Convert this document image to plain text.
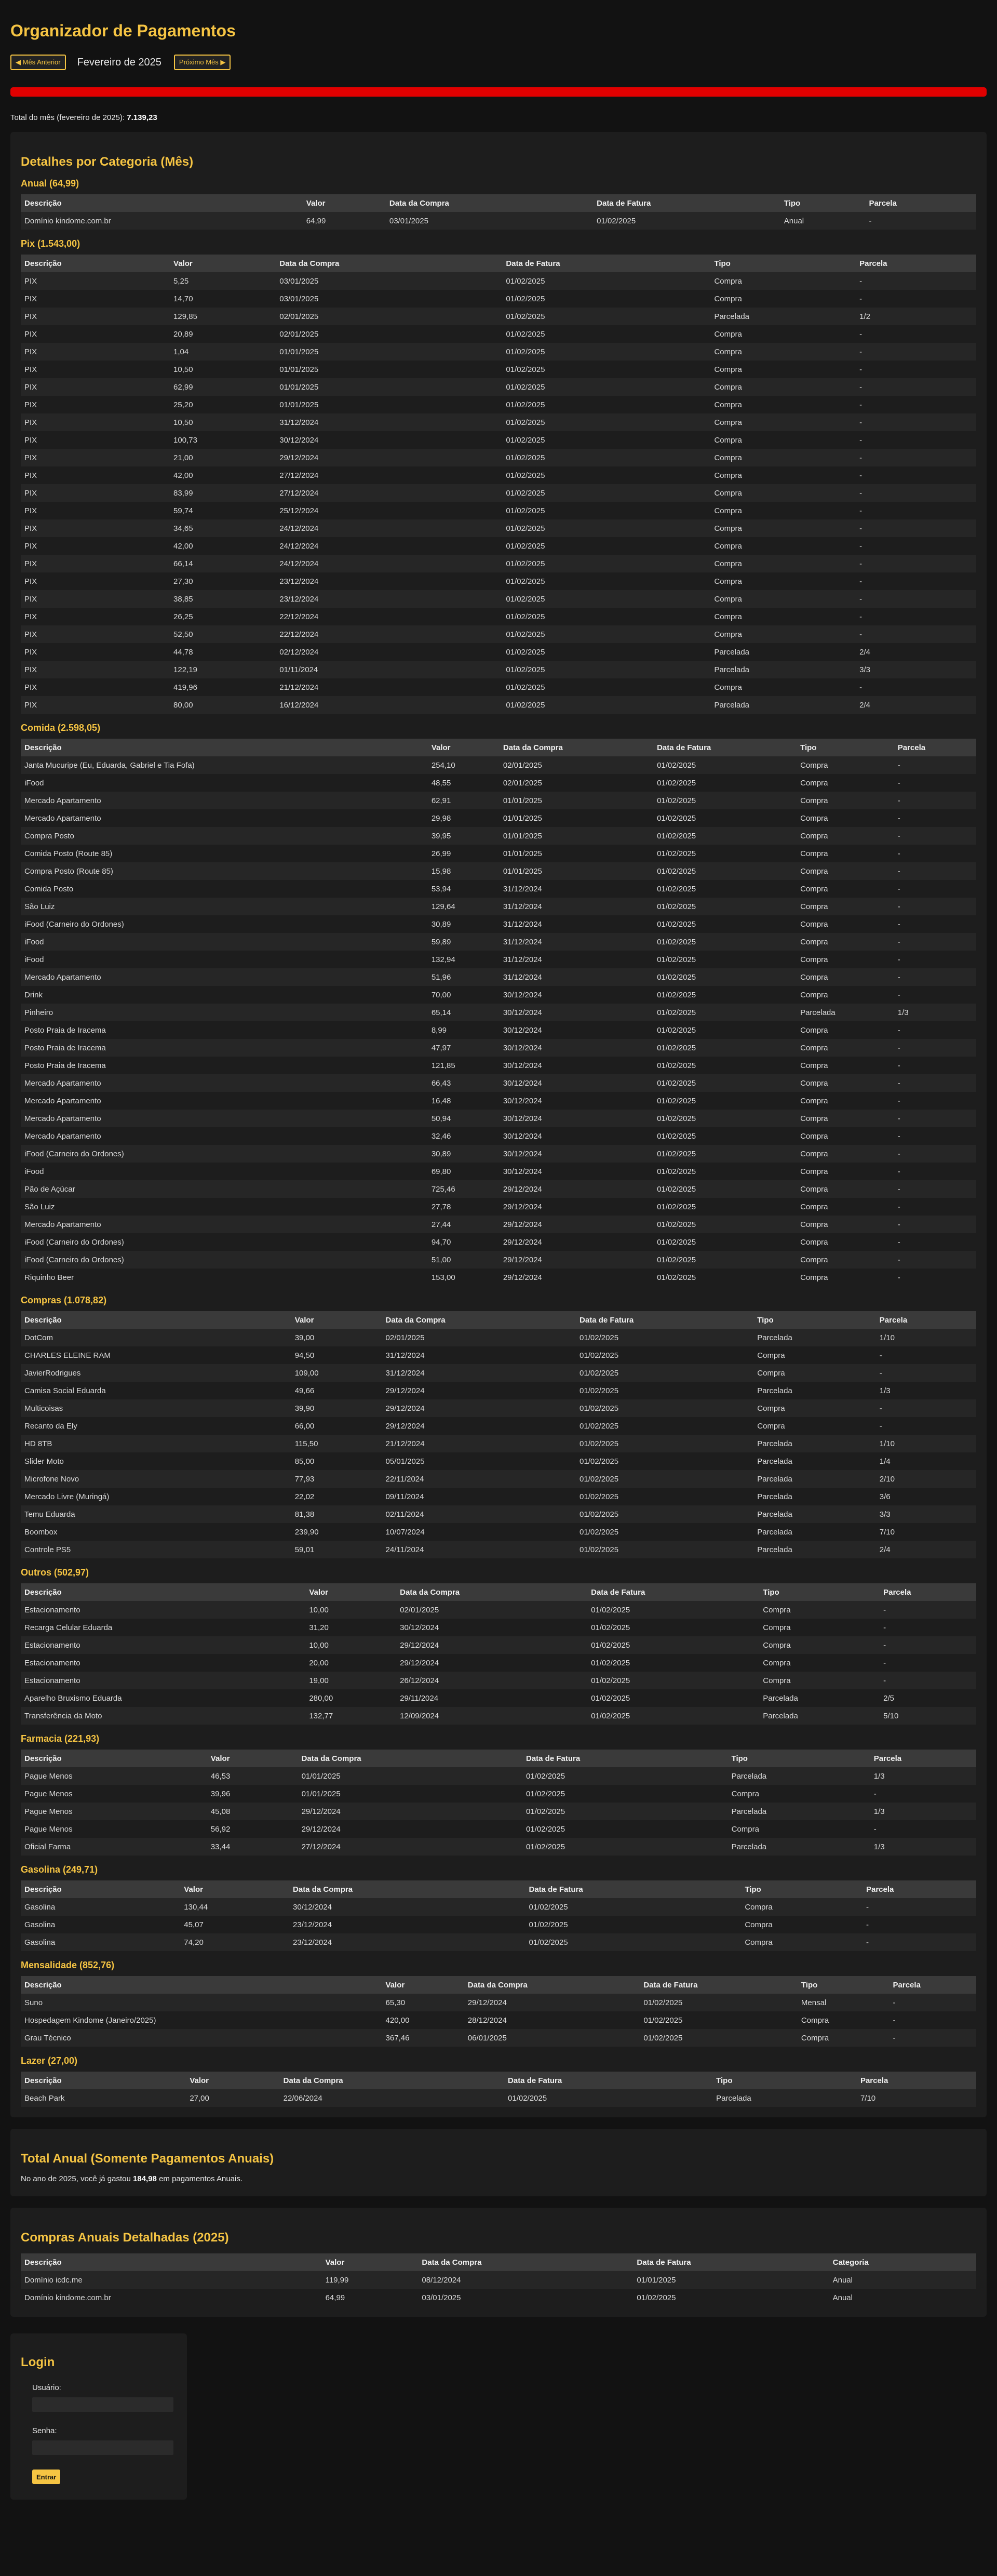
Organizador de Pagamentos
◀ Mês Anterior	Fevereiro de 2025	Próximo Mês ▶
Total do mês (fevereiro de 2025): 7.139,23
Detalhes por Categoria (Mês)
Anual (64,99)
Descrição	Valor	Data da Compra	Data de Fatura	Tipo	Parcela
Domínio kindome.com.br	64,99	03/01/2025	01/02/2025	Anual	-
Pix (1.543,00)
Descrição	Valor	Data da Compra	Data de Fatura	Tipo	Parcela
PIX	5,25	03/01/2025	01/02/2025	Compra	-
PIX	14,70	03/01/2025	01/02/2025	Compra	-
PIX	129,85	02/01/2025	01/02/2025	Parcelada	1/2
PIX	20,89	02/01/2025	01/02/2025	Compra	-
PIX	1,04	01/01/2025	01/02/2025	Compra	-
PIX	10,50	01/01/2025	01/02/2025	Compra	-
PIX	62,99	01/01/2025	01/02/2025	Compra	-
PIX	25,20	01/01/2025	01/02/2025	Compra	-
PIX	10,50	31/12/2024	01/02/2025	Compra	-
PIX	100,73	30/12/2024	01/02/2025	Compra	-
PIX	21,00	29/12/2024	01/02/2025	Compra	-
PIX	42,00	27/12/2024	01/02/2025	Compra	-
PIX	83,99	27/12/2024	01/02/2025	Compra	-
PIX	59,74	25/12/2024	01/02/2025	Compra	-
PIX	34,65	24/12/2024	01/02/2025	Compra	-
PIX	42,00	24/12/2024	01/02/2025	Compra	-
PIX	66,14	24/12/2024	01/02/2025	Compra	-
PIX	27,30	23/12/2024	01/02/2025	Compra	-
PIX	38,85	23/12/2024	01/02/2025	Compra	-
PIX	26,25	22/12/2024	01/02/2025	Compra	-
PIX	52,50	22/12/2024	01/02/2025	Compra	-
PIX	44,78	02/12/2024	01/02/2025	Parcelada	2/4
PIX	122,19	01/11/2024	01/02/2025	Parcelada	3/3
PIX	419,96	21/12/2024	01/02/2025	Compra	-
PIX	80,00	16/12/2024	01/02/2025	Parcelada	2/4
Comida (2.598,05)
Descrição	Valor	Data da Compra	Data de Fatura	Tipo	Parcela
Janta Mucuripe (Eu, Eduarda, Gabriel e Tia Fofa)	254,10	02/01/2025	01/02/2025	Compra	-
iFood	48,55	02/01/2025	01/02/2025	Compra	-
Mercado Apartamento	62,91	01/01/2025	01/02/2025	Compra	-
Mercado Apartamento	29,98	01/01/2025	01/02/2025	Compra	-
Compra Posto	39,95	01/01/2025	01/02/2025	Compra	-
Comida Posto (Route 85)	26,99	01/01/2025	01/02/2025	Compra	-
Compra Posto (Route 85)	15,98	01/01/2025	01/02/2025	Compra	-
Comida Posto	53,94	31/12/2024	01/02/2025	Compra	-
São Luiz	129,64	31/12/2024	01/02/2025	Compra	-
iFood (Carneiro do Ordones)	30,89	31/12/2024	01/02/2025	Compra	-
iFood	59,89	31/12/2024	01/02/2025	Compra	-
iFood	132,94	31/12/2024	01/02/2025	Compra	-
Mercado Apartamento	51,96	31/12/2024	01/02/2025	Compra	-
Drink	70,00	30/12/2024	01/02/2025	Compra	-
Pinheiro	65,14	30/12/2024	01/02/2025	Parcelada	1/3
Posto Praia de Iracema	8,99	30/12/2024	01/02/2025	Compra	-
Posto Praia de Iracema	47,97	30/12/2024	01/02/2025	Compra	-
Posto Praia de Iracema	121,85	30/12/2024	01/02/2025	Compra	-
Mercado Apartamento	66,43	30/12/2024	01/02/2025	Compra	-
Mercado Apartamento	16,48	30/12/2024	01/02/2025	Compra	-
Mercado Apartamento	50,94	30/12/2024	01/02/2025	Compra	-
Mercado Apartamento	32,46	30/12/2024	01/02/2025	Compra	-
iFood (Carneiro do Ordones)	30,89	30/12/2024	01/02/2025	Compra	-
iFood	69,80	30/12/2024	01/02/2025	Compra	-
Pão de Açúcar	725,46	29/12/2024	01/02/2025	Compra	-
São Luiz	27,78	29/12/2024	01/02/2025	Compra	-
Mercado Apartamento	27,44	29/12/2024	01/02/2025	Compra	-
iFood (Carneiro do Ordones)	94,70	29/12/2024	01/02/2025	Compra	-
iFood (Carneiro do Ordones)	51,00	29/12/2024	01/02/2025	Compra	-
Riquinho Beer	153,00	29/12/2024	01/02/2025	Compra	-
Compras (1.078,82)
Descrição	Valor	Data da Compra	Data de Fatura	Tipo	Parcela
DotCom	39,00	02/01/2025	01/02/2025	Parcelada	1/10
CHARLES ELEINE RAM	94,50	31/12/2024	01/02/2025	Compra	-
JavierRodrigues	109,00	31/12/2024	01/02/2025	Compra	-
Camisa Social Eduarda	49,66	29/12/2024	01/02/2025	Parcelada	1/3
Multicoisas	39,90	29/12/2024	01/02/2025	Compra	-
Recanto da Ely	66,00	29/12/2024	01/02/2025	Compra	-
HD 8TB	115,50	21/12/2024	01/02/2025	Parcelada	1/10
Slider Moto	85,00	05/01/2025	01/02/2025	Parcelada	1/4
Microfone Novo	77,93	22/11/2024	01/02/2025	Parcelada	2/10
Mercado Livre (Muringá)	22,02	09/11/2024	01/02/2025	Parcelada	3/6
Temu Eduarda	81,38	02/11/2024	01/02/2025	Parcelada	3/3
Boombox	239,90	10/07/2024	01/02/2025	Parcelada	7/10
Controle PS5	59,01	24/11/2024	01/02/2025	Parcelada	2/4
Outros (502,97)
Descrição	Valor	Data da Compra	Data de Fatura	Tipo	Parcela
Estacionamento	10,00	02/01/2025	01/02/2025	Compra	-
Recarga Celular Eduarda	31,20	30/12/2024	01/02/2025	Compra	-
Estacionamento	10,00	29/12/2024	01/02/2025	Compra	-
Estacionamento	20,00	29/12/2024	01/02/2025	Compra	-
Estacionamento	19,00	26/12/2024	01/02/2025	Compra	-
Aparelho Bruxismo Eduarda	280,00	29/11/2024	01/02/2025	Parcelada	2/5
Transferência da Moto	132,77	12/09/2024	01/02/2025	Parcelada	5/10
Farmacia (221,93)
Descrição	Valor	Data da Compra	Data de Fatura	Tipo	Parcela
Pague Menos	46,53	01/01/2025	01/02/2025	Parcelada	1/3
Pague Menos	39,96	01/01/2025	01/02/2025	Compra	-
Pague Menos	45,08	29/12/2024	01/02/2025	Parcelada	1/3
Pague Menos	56,92	29/12/2024	01/02/2025	Compra	-
Oficial Farma	33,44	27/12/2024	01/02/2025	Parcelada	1/3
Gasolina (249,71)
Descrição	Valor	Data da Compra	Data de Fatura	Tipo	Parcela
Gasolina	130,44	30/12/2024	01/02/2025	Compra	-
Gasolina	45,07	23/12/2024	01/02/2025	Compra	-
Gasolina	74,20	23/12/2024	01/02/2025	Compra	-
Mensalidade (852,76)
Descrição	Valor	Data da Compra	Data de Fatura	Tipo	Parcela
Suno	65,30	29/12/2024	01/02/2025	Mensal	-
Hospedagem Kindome (Janeiro/2025)	420,00	28/12/2024	01/02/2025	Compra	-
Grau Técnico	367,46	06/01/2025	01/02/2025	Compra	-
Lazer (27,00)
Descrição	Valor	Data da Compra	Data de Fatura	Tipo	Parcela
Beach Park	27,00	22/06/2024	01/02/2025	Parcelada	7/10
Total Anual (Somente Pagamentos Anuais)

No ano de 2025, você já gastou 184,98 em pagamentos Anuais.

Compras Anuais Detalhadas (2025)
Descrição	Valor	Data da Compra	Data de Fatura	Categoria
Domínio icdc.me	119,99	08/12/2024	01/01/2025	Anual
Domínio kindome.com.br	64,99	03/01/2025	01/02/2025	Anual
Login
Usuário:
Senha:
Entrar
